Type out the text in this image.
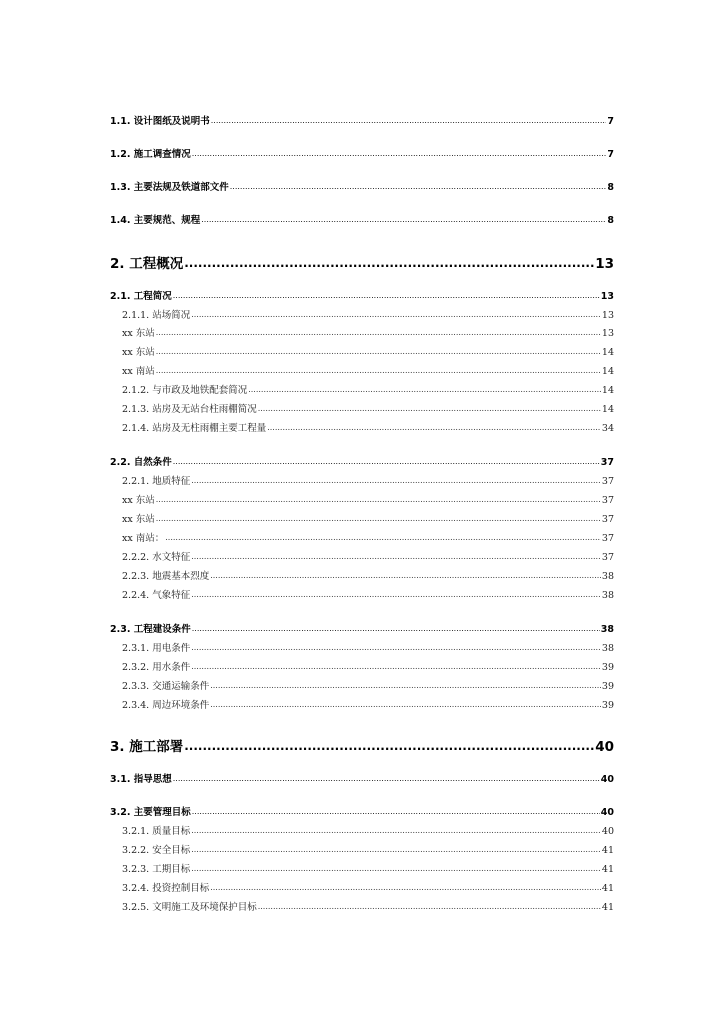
1.1. 设计图纸及说明书 .....	7
1.2. 施工调查情况 .....	7
1.3. 主要法规及铁道部文件 .....	8
1.4. 主要规范、规程 .....	8
2. 工程概况 .....	13
2.1. 工程简况 .....	13
2.1.1. 站场简况 .....	13
xx 东站 .....	13
xx 东站 .....	14
xx 南站 .....	14
2.1.2. 与市政及地铁配套简况 .....	14
2.1.3. 站房及无站台柱雨棚简况 .....	14
2.1.4. 站房及无柱雨棚主要工程量 .....	34
2.2. 自然条件 .....	37
2.2.1. 地质特征 .....	37
xx 东站 .....	37
xx 东站 .....	37
xx 南站： .....	37
2.2.2. 水文特征 .....	37
2.2.3. 地震基本烈度 .....	38
2.2.4. 气象特征 .....	38
2.3. 工程建设条件 .....	38
2.3.1. 用电条件 .....	38
2.3.2. 用水条件 .....	39
2.3.3. 交通运输条件 .....	39
2.3.4. 周边环境条件 .....	39
3. 施工部署 .....	40
3.1. 指导思想 .....	40
3.2. 主要管理目标 .....	40
3.2.1. 质量目标 .....	40
3.2.2. 安全目标 .....	41
3.2.3. 工期目标 .....	41
3.2.4. 投资控制目标 .....	41
3.2.5. 文明施工及环境保护目标 .....	41
